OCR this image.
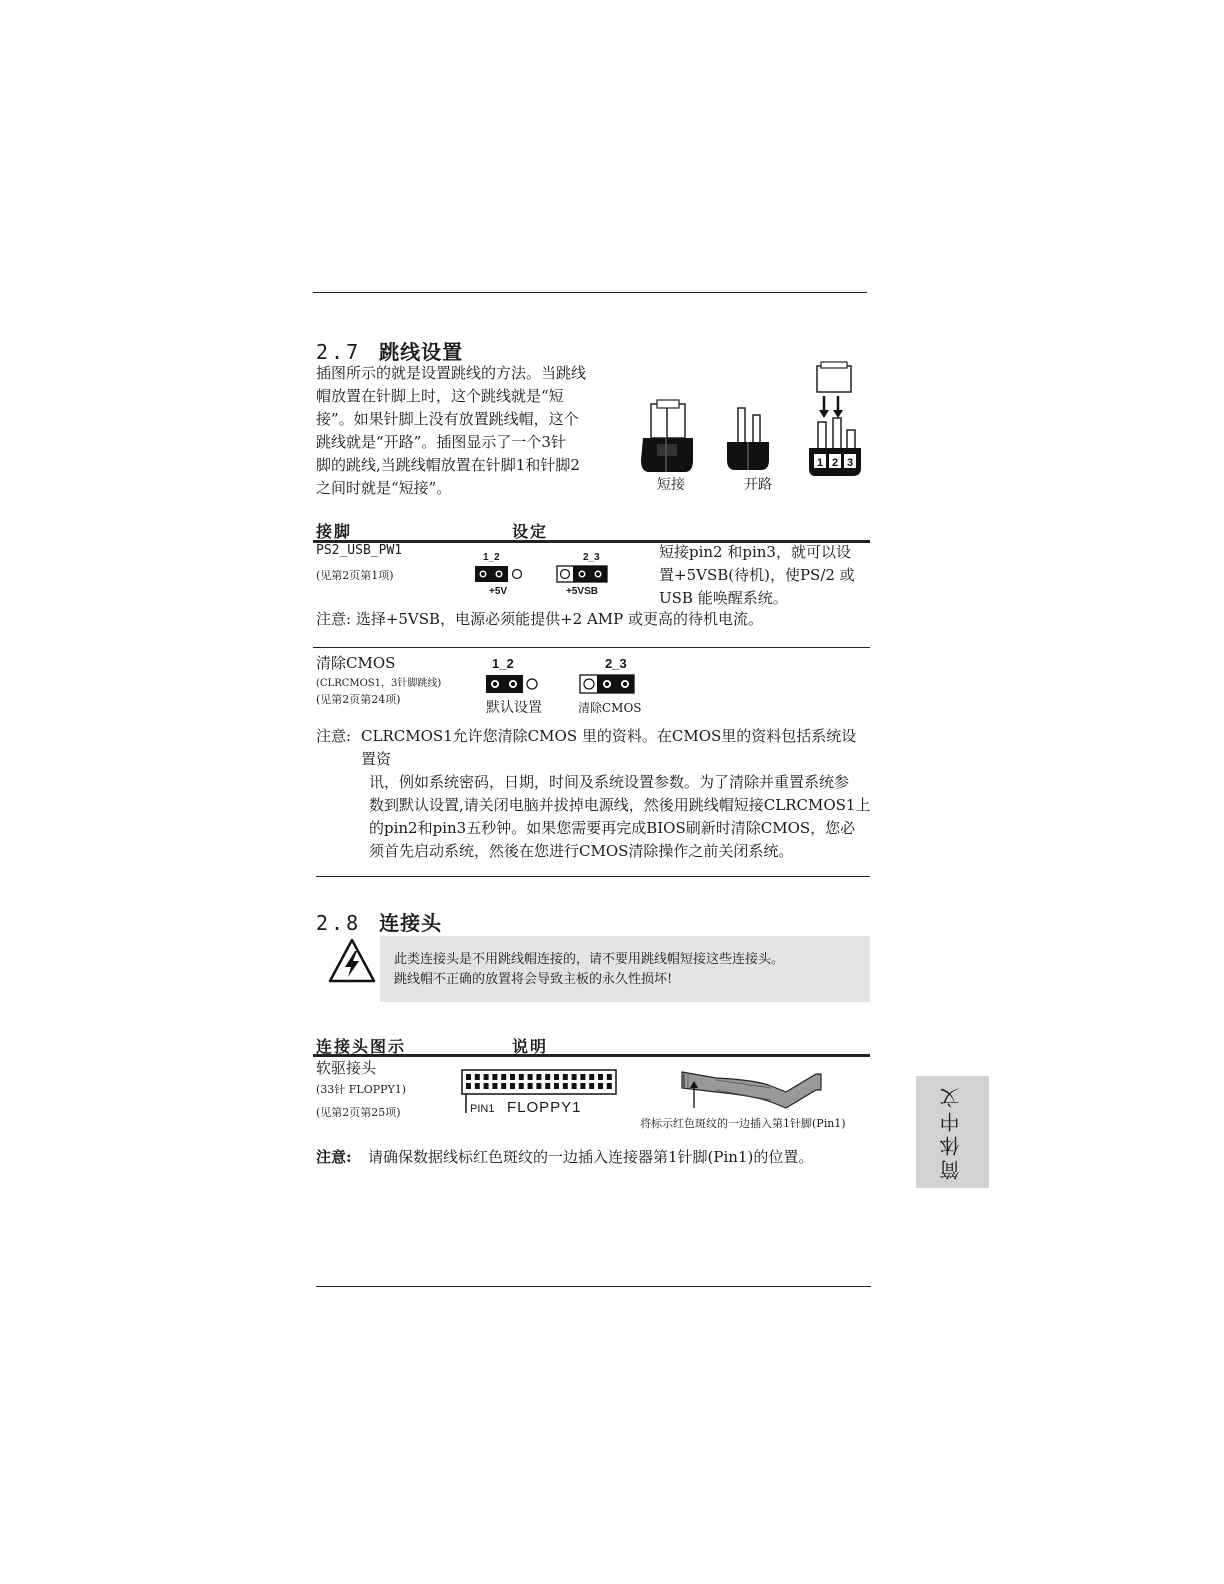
2.7 跳线设置
插图所示的就是设置跳线的方法。当跳线
帽放置在针脚上时，这个跳线就是“短
接”。如果针脚上没有放置跳线帽，这个
跳线就是“开路”。插图显示了一个3针
脚的跳线,当跳线帽放置在针脚1和针脚2
之间时就是“短接”。
1 2 3
短接	开路
接脚	设定
PS2_USB_PW1
(见第2页第1项)
1_2
+5V
2_3
+5VSB
短接pin2 和pin3，就可以设
置+5VSB(待机)，使PS/2 或
USB 能唤醒系统。
注意: 选择+5VSB，电源必须能提供+2 AMP 或更高的待机电流。
清除CMOS
(CLRCMOS1，3针脚跳线)
(见第2页第24项)
1_2
默认设置
2_3
清除CMOS
注意: CLRCMOS1允许您清除CMOS 里的资料。在CMOS里的资料包括系统设置资
讯，例如系统密码，日期，时间及系统设置参数。为了清除并重置系统参
数到默认设置,请关闭电脑并拔掉电源线，然後用跳线帽短接CLRCMOS1上
的pin2和pin3五秒钟。如果您需要再完成BIOS刷新时清除CMOS，您必
须首先启动系统，然後在您进行CMOS清除操作之前关闭系统。
2.8 连接头
此类连接头是不用跳线帽连接的，请不要用跳线帽短接这些连接头。
跳线帽不正确的放置将会导致主板的永久性损坏!
连接头图示	说明
软驱接头
(33针 FLOPPY1)
(见第2页第25项)	PIN1 FLOPPY1
将标示红色斑纹的一边插入第1针脚(Pin1)
注意: 请确保数据线标红色斑纹的一边插入连接器第1针脚(Pin1)的位置。	简体中文
